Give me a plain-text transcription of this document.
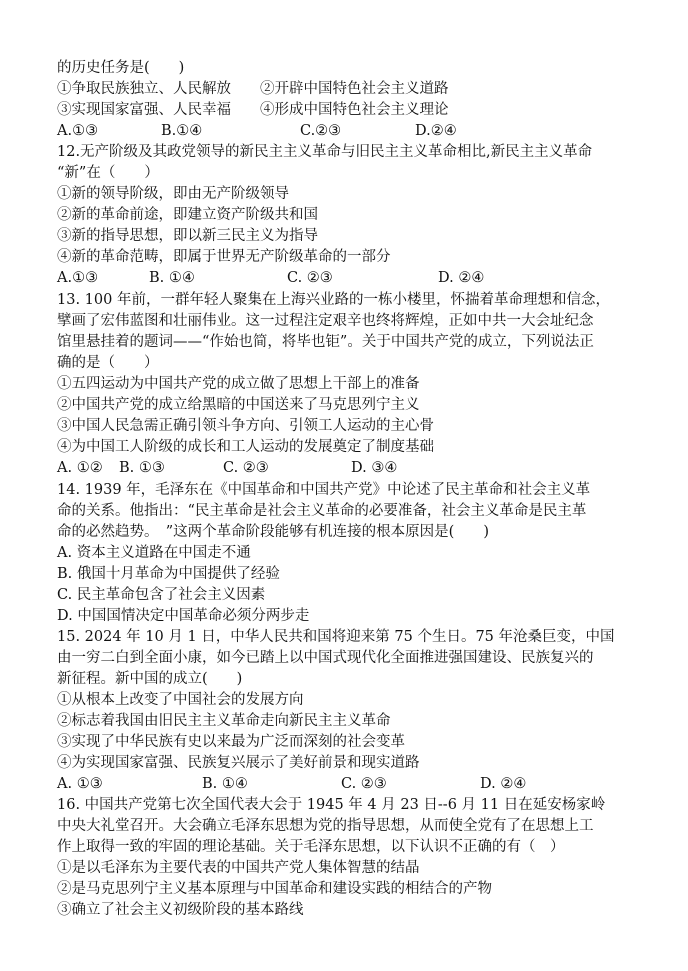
的历史任务是(　　)
①争取民族独立、人民解放　　②开辟中国特色社会主义道路
③实现国家富强、人民幸福　　④形成中国特色社会主义理论
A.①③	B.①④	C.②③	D.②④
12.无产阶级及其政党领导的新民主主义革命与旧民主主义革命相比,新民主主义革命
“新”在（　　）
①新的领导阶级，即由无产阶级领导
②新的革命前途，即建立资产阶级共和国
③新的指导思想，即以新三民主义为指导
④新的革命范畴，即属于世界无产阶级革命的一部分
A.①③	B. ①④	C. ②③	D. ②④
13. 100 年前，一群年轻人聚集在上海兴业路的一栋小楼里，怀揣着革命理想和信念，
擘画了宏伟蓝图和壮丽伟业。这一过程注定艰辛也终将辉煌，正如中共一大会址纪念
馆里悬挂着的题词——“作始也简，将毕也钜”。关于中国共产党的成立，下列说法正
确的是（　　）
①五四运动为中国共产党的成立做了思想上干部上的准备
②中国共产党的成立给黑暗的中国送来了马克思列宁主义
③中国人民急需正确引领斗争方向、引领工人运动的主心骨
④为中国工人阶级的成长和工人运动的发展奠定了制度基础
A. ①② B. ①③	C. ②③	D. ③④
14. 1939 年，毛泽东在《中国革命和中国共产党》中论述了民主革命和社会主义革
命的关系。他指出：“民主革命是社会主义革命的必要准备，社会主义革命是民主革
命的必然趋势。　”这两个革命阶段能够有机连接的根本原因是(　　)
A. 资本主义道路在中国走不通
B. 俄国十月革命为中国提供了经验
C. 民主革命包含了社会主义因素
D. 中国国情决定中国革命必须分两步走
15. 2024 年 10 月 1 日，中华人民共和国将迎来第 75 个生日。75 年沧桑巨变，中国
由一穷二白到全面小康，如今已踏上以中国式现代化全面推进强国建设、民族复兴的
新征程。新中国的成立(　　)
①从根本上改变了中国社会的发展方向
②标志着我国由旧民主主义革命走向新民主主义革命
③实现了中华民族有史以来最为广泛而深刻的社会变革
④为实现国家富强、民族复兴展示了美好前景和现实道路
A. ①③	B. ①④	C. ②③	D. ②④
16. 中国共产党第七次全国代表大会于 1945 年 4 月 23 日--6 月 11 日在延安杨家岭
中央大礼堂召开。大会确立毛泽东思想为党的指导思想，从而使全党有了在思想上工
作上取得一致的牢固的理论基础。关于毛泽东思想，以下认识不正确的有（　）
①是以毛泽东为主要代表的中国共产党人集体智慧的结晶
②是马克思列宁主义基本原理与中国革命和建设实践的相结合的产物
③确立了社会主义初级阶段的基本路线
